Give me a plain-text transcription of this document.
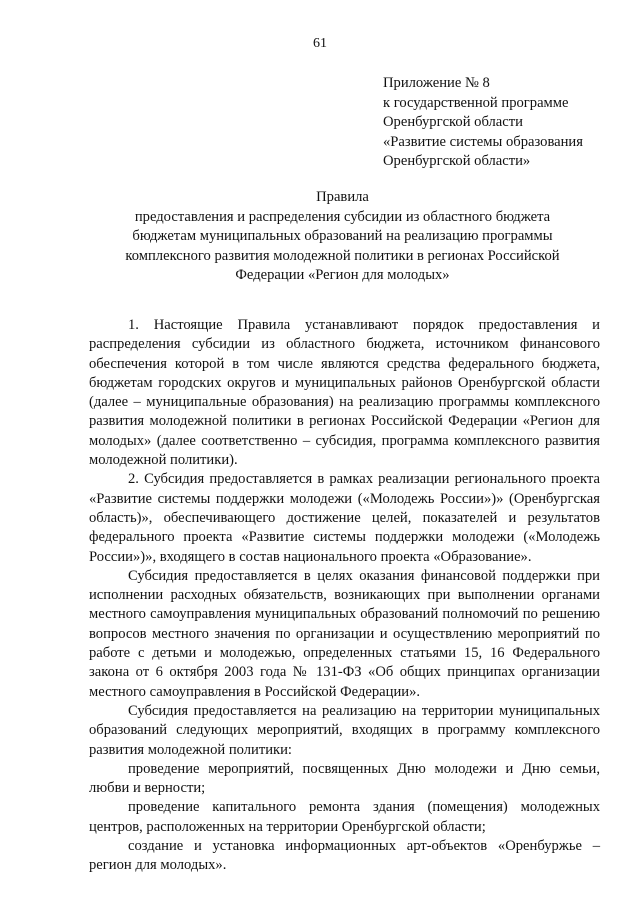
61
Приложение № 8
к государственной программе
Оренбургской области
«Развитие системы образования
Оренбургской области»
Правила
предоставления и распределения субсидии из областного бюджета
бюджетам муниципальных образований на реализацию программы
комплексного развития молодежной политики в регионах Российской
Федерации «Регион для молодых»

1. Настоящие Правила устанавливают порядок предоставления и распределения субсидии из областного бюджета, источником финансового обеспечения которой в том числе являются средства федерального бюджета, бюджетам городских округов и муниципальных районов Оренбургской области (далее – муниципальные образования) на реализацию программы комплексного развития молодежной политики в регионах Российской Федерации «Регион для молодых» (далее соответственно – субсидия, программа комплексного развития молодежной политики).

2. Субсидия предоставляется в рамках реализации регионального проекта «Развитие системы поддержки молодежи («Молодежь России»)» (Оренбургская область)», обеспечивающего достижение целей, показателей и результатов федерального проекта «Развитие системы поддержки молодежи («Молодежь России»)», входящего в состав национального проекта «Образование».

Субсидия предоставляется в целях оказания финансовой поддержки при исполнении расходных обязательств, возникающих при выполнении органами местного самоуправления муниципальных образований полномочий по решению вопросов местного значения по организации и осуществлению мероприятий по работе с детьми и молодежью, определенных статьями 15, 16 Федерального закона от 6 октября 2003 года № 131-ФЗ «Об общих принципах организации местного самоуправления в Российской Федерации».

Субсидия предоставляется на реализацию на территории муниципальных образований следующих мероприятий, входящих в программу комплексного развития молодежной политики:

проведение мероприятий, посвященных Дню молодежи и Дню семьи, любви и верности;

проведение капитального ремонта здания (помещения) молодежных центров, расположенных на территории Оренбургской области;

создание и установка информационных арт-объектов «Оренбуржье – регион для молодых».
